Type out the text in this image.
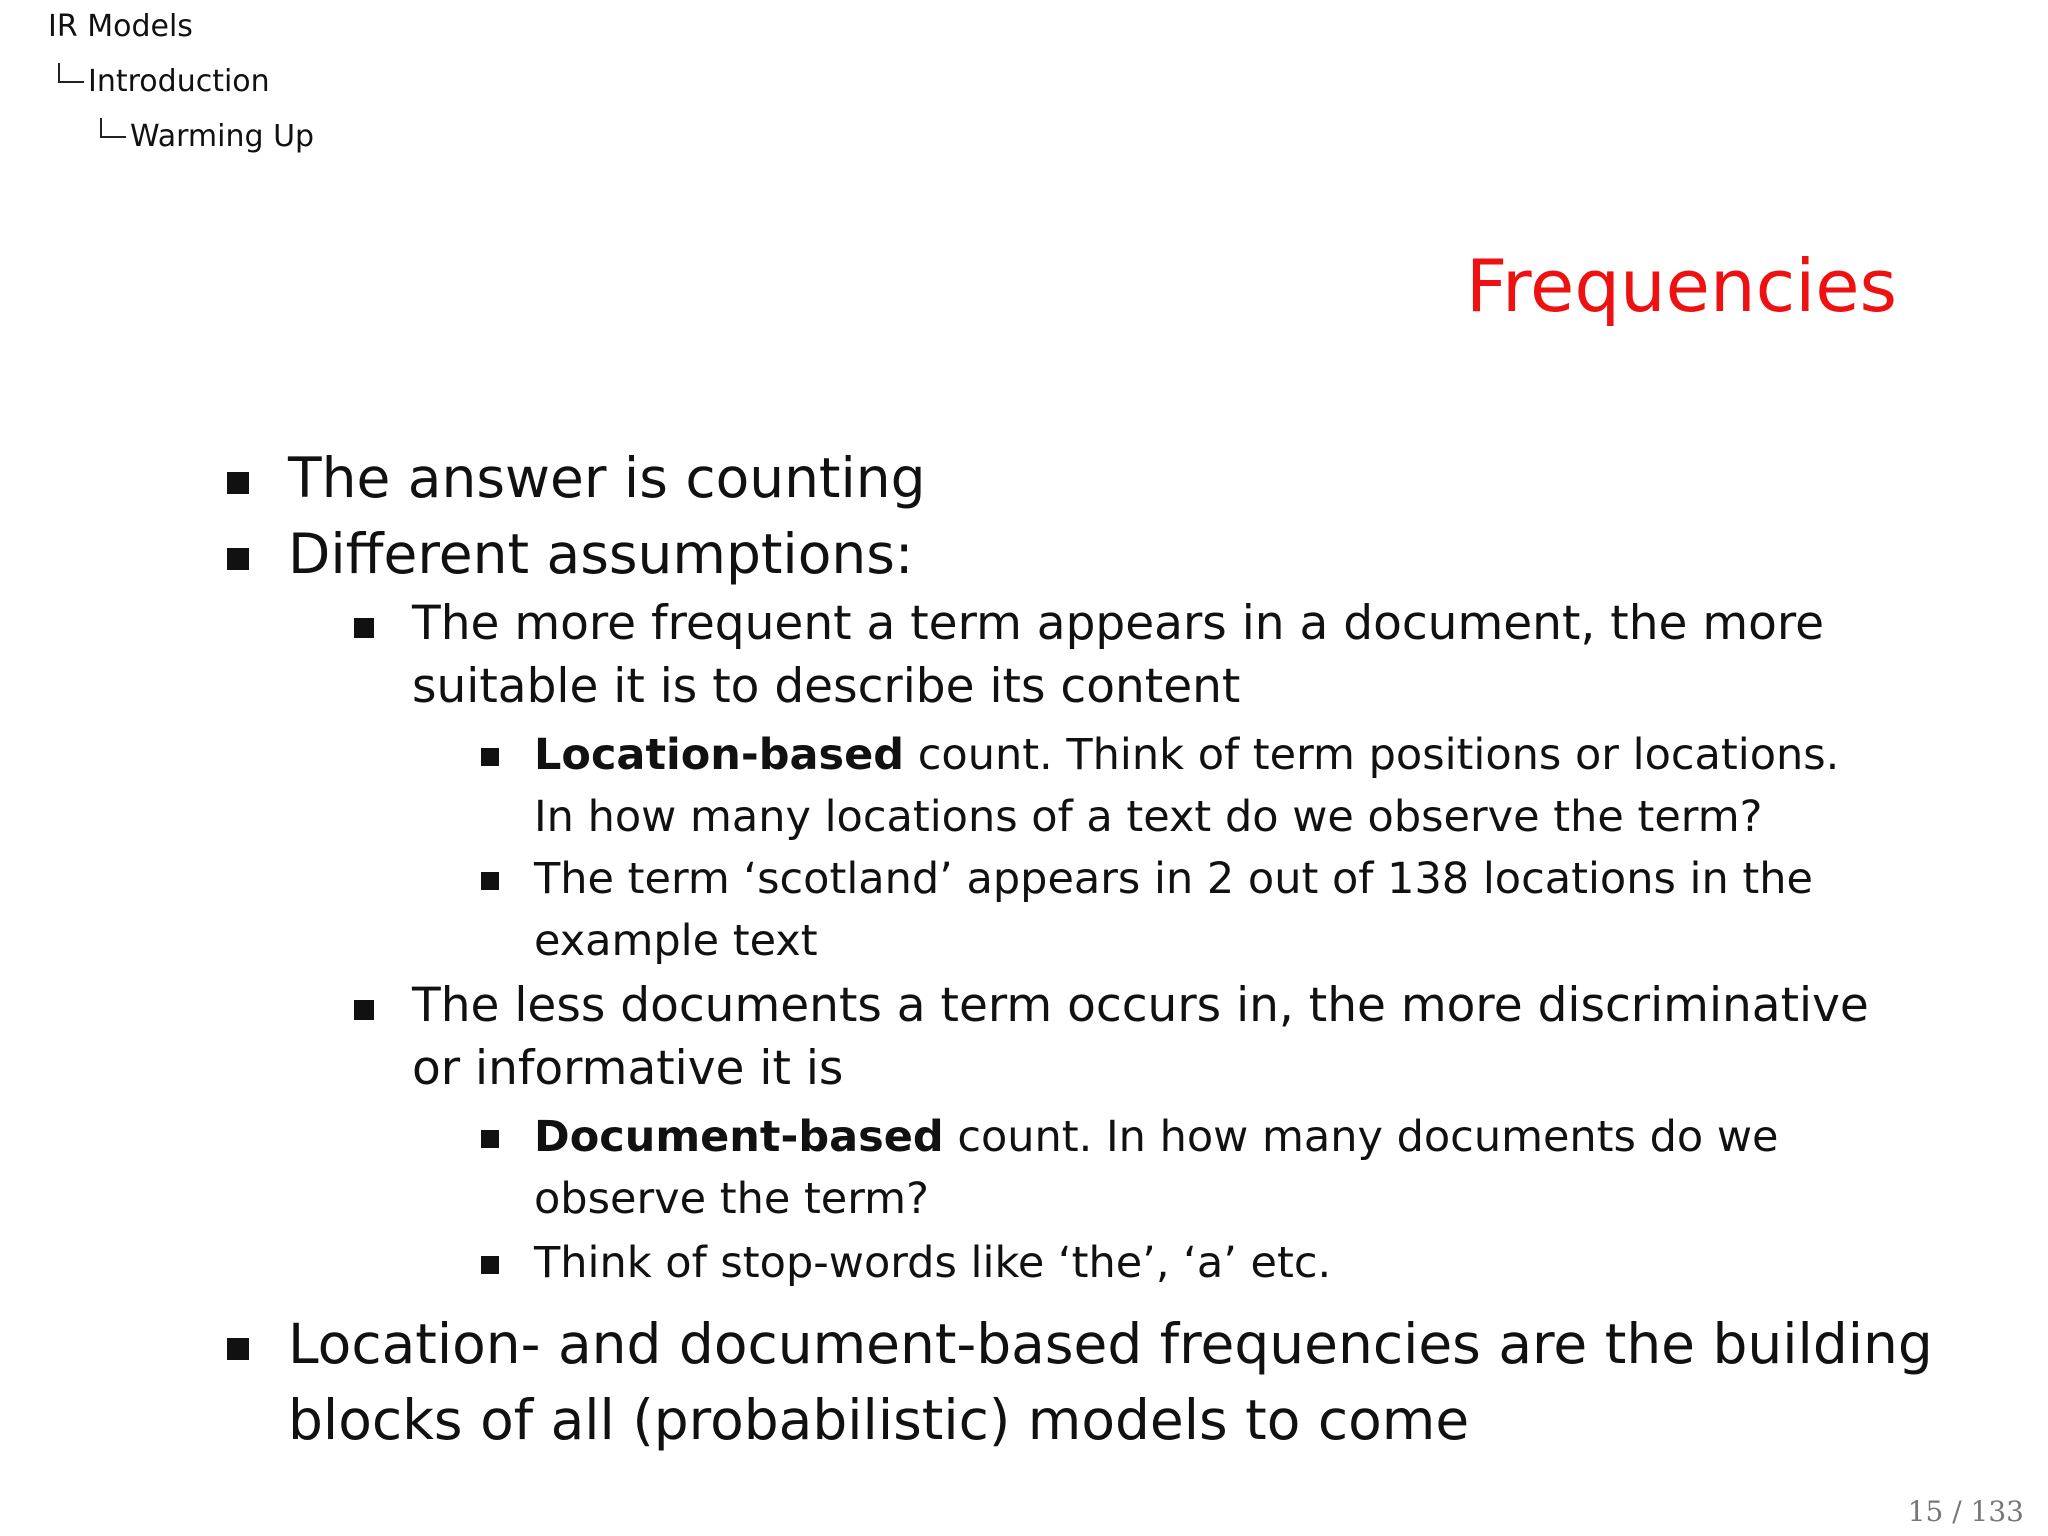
IR Models
Introduction
Warming Up
Frequencies
The answer is counting
Different assumptions:
The more frequent a term appears in a document, the more
suitable it is to describe its content
Location-based count. Think of term positions or locations.
In how many locations of a text do we observe the term?
The term ‘scotland’ appears in 2 out of 138 locations in the
example text
The less documents a term occurs in, the more discriminative
or informative it is
Document-based count. In how many documents do we
observe the term?
Think of stop-words like ‘the’, ‘a’ etc.
Location- and document-based frequencies are the building
blocks of all (probabilistic) models to come
15 / 133
